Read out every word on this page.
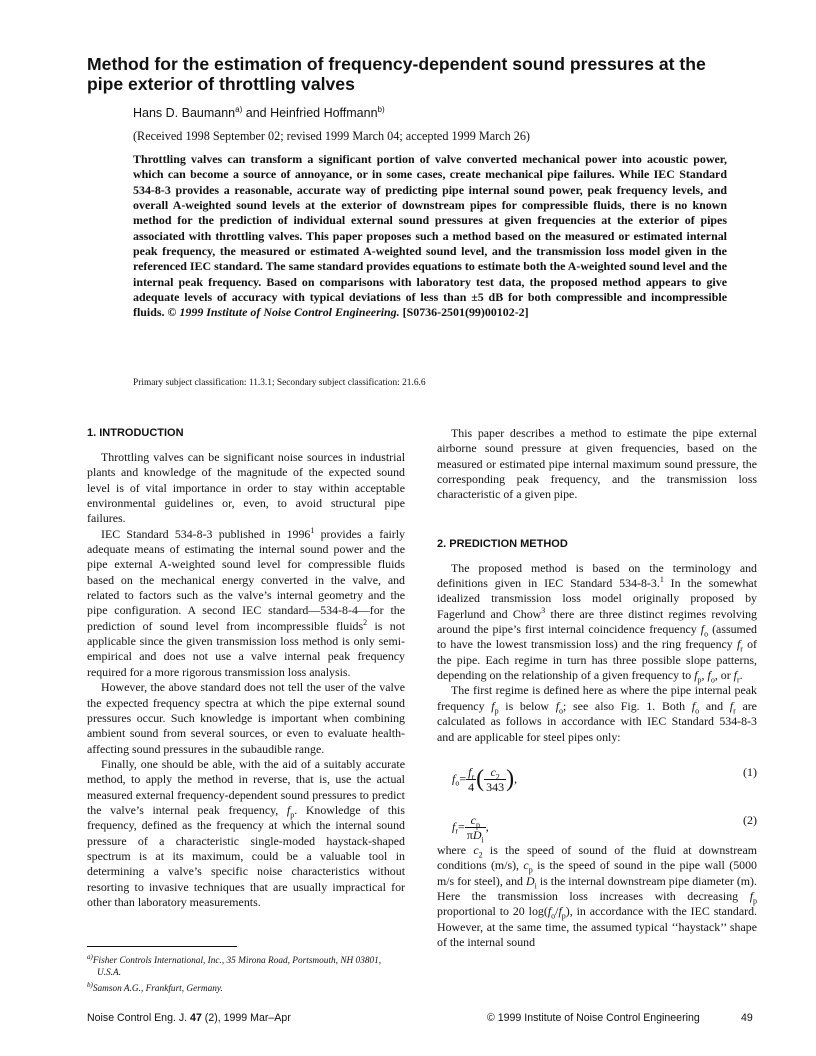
Method for the estimation of frequency-dependent sound pressures at the pipe exterior of throttling valves
Hans D. Baumann$^{a)}$ and Heinfried Hoffmann$^{b)}$
(Received 1998 September 02; revised 1999 March 04; accepted 1999 March 26)

Throttling valves can transform a significant portion of valve converted mechanical power into acoustic power, which can become a source of annoyance, or in some cases, create mechanical pipe failures. While IEC Standard 534-8-3 provides a reasonable, accurate way of predicting pipe internal sound power, peak frequency levels, and overall A-weighted sound levels at the exterior of downstream pipes for compressible fluids, there is no known method for the prediction of individual external sound pressures at given frequencies at the exterior of pipes associated with throttling valves. This paper proposes such a method based on the measured or estimated internal peak frequency, the measured or estimated A-weighted sound level, and the transmission loss model given in the referenced IEC standard. The same standard provides equations to estimate both the A-weighted sound level and the internal peak frequency. Based on comparisons with laboratory test data, the proposed method appears to give adequate levels of accuracy with typical deviations of less than ±5 dB for both compressible and incompressible fluids. © 1999 Institute of Noise Control Engineering. [S0736-2501(99)00102-2]

Primary subject classification: 11.3.1; Secondary subject classification: 21.6.6
1. INTRODUCTION

Throttling valves can be significant noise sources in industrial plants and knowledge of the magnitude of the expected sound level is of vital importance in order to stay within acceptable environmental guidelines or, even, to avoid structural pipe failures.

IEC Standard 534-8-3 published in 1996$^1$ provides a fairly adequate means of estimating the internal sound power and the pipe external A-weighted sound level for compressible fluids based on the mechanical energy converted in the valve, and related to factors such as the valve’s internal geometry and the pipe configuration. A second IEC standard—534-8-4—for the prediction of sound level from incompressible fluids$^2$ is not applicable since the given transmission loss method is only semi-empirical and does not use a valve internal peak frequency required for a more rigorous transmission loss analysis.

However, the above standard does not tell the user of the valve the expected frequency spectra at which the pipe external sound pressures occur. Such knowledge is important when combining ambient sound from several sources, or even to evaluate health-affecting sound pressures in the subaudible range.

Finally, one should be able, with the aid of a suitably accurate method, to apply the method in reverse, that is, use the actual measured external frequency-dependent sound pressures to predict the valve’s internal peak frequency, $f_p$. Knowledge of this frequency, defined as the frequency at which the internal sound pressure of a characteristic single-moded haystack-shaped spectrum is at its maximum, could be a valuable tool in determining a valve’s specific noise characteristics without resorting to invasive techniques that are usually impractical for other than laboratory measurements.

$^{a)}$Fisher Controls International, Inc., 35 Mirona Road, Portsmouth, NH 03801, U.S.A.
$^{b)}$Samson A.G., Frankfurt, Germany.

This paper describes a method to estimate the pipe external airborne sound pressure at given frequencies, based on the measured or estimated pipe internal maximum sound pressure, the corresponding peak frequency, and the transmission loss characteristic of a given pipe.

2. PREDICTION METHOD

The proposed method is based on the terminology and definitions given in IEC Standard 534-8-3.$^1$ In the somewhat idealized transmission loss model originally proposed by Fagerlund and Chow$^3$ there are three distinct regimes revolving around the pipe’s first internal coincidence frequency $f_o$ (assumed to have the lowest transmission loss) and the ring frequency $f_r$ of the pipe. Each regime in turn has three possible slope patterns, depending on the relationship of a given frequency to $f_p$, $f_o$, or $f_r$.

The first regime is defined here as where the pipe internal peak frequency $f_p$ is below $f_o$; see also Fig. 1. Both $f_o$ and $f_r$ are calculated as follows in accordance with IEC Standard 534-8-3 and are applicable for steel pipes only:

$f_o= \frac{f_r}{4}$ ( $\frac{c_2}{343}$ ),	(1)
$f_r= \frac{c_p}{\pi D_i}$ ,	(2)

where $c_2$ is the speed of sound of the fluid at downstream conditions (m/s), $c_p$ is the speed of sound in the pipe wall (5000 m/s for steel), and $D_i$ is the internal downstream pipe diameter (m). Here the transmission loss increases with decreasing $f_p$ proportional to 20 $\log(f_o/f_p)$, in accordance with the IEC standard. However, at the same time, the assumed typical ‘‘haystack’’ shape of the internal sound

Noise Control Eng. J. 47 (2), 1999 Mar–Apr	© 1999 Institute of Noise Control Engineering	49
